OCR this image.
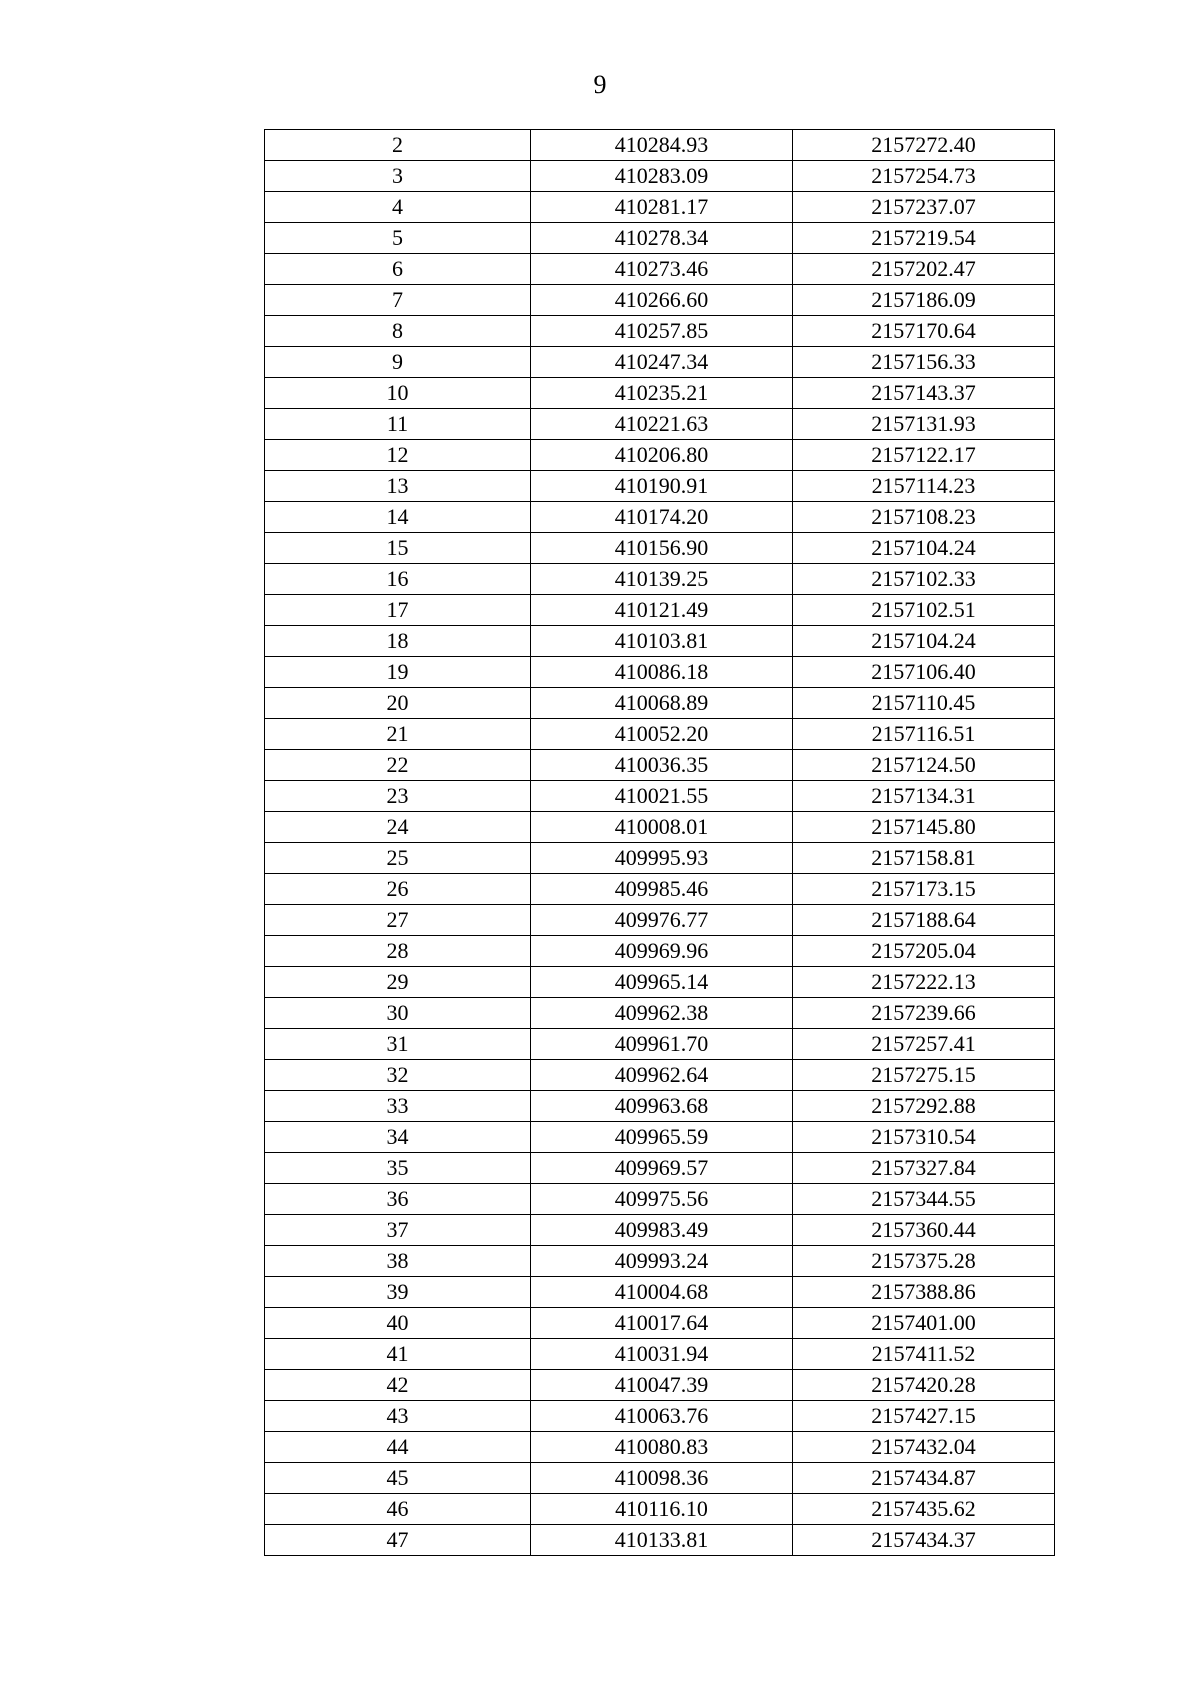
9
2	410284.93	2157272.40
3	410283.09	2157254.73
4	410281.17	2157237.07
5	410278.34	2157219.54
6	410273.46	2157202.47
7	410266.60	2157186.09
8	410257.85	2157170.64
9	410247.34	2157156.33
10	410235.21	2157143.37
11	410221.63	2157131.93
12	410206.80	2157122.17
13	410190.91	2157114.23
14	410174.20	2157108.23
15	410156.90	2157104.24
16	410139.25	2157102.33
17	410121.49	2157102.51
18	410103.81	2157104.24
19	410086.18	2157106.40
20	410068.89	2157110.45
21	410052.20	2157116.51
22	410036.35	2157124.50
23	410021.55	2157134.31
24	410008.01	2157145.80
25	409995.93	2157158.81
26	409985.46	2157173.15
27	409976.77	2157188.64
28	409969.96	2157205.04
29	409965.14	2157222.13
30	409962.38	2157239.66
31	409961.70	2157257.41
32	409962.64	2157275.15
33	409963.68	2157292.88
34	409965.59	2157310.54
35	409969.57	2157327.84
36	409975.56	2157344.55
37	409983.49	2157360.44
38	409993.24	2157375.28
39	410004.68	2157388.86
40	410017.64	2157401.00
41	410031.94	2157411.52
42	410047.39	2157420.28
43	410063.76	2157427.15
44	410080.83	2157432.04
45	410098.36	2157434.87
46	410116.10	2157435.62
47	410133.81	2157434.37
